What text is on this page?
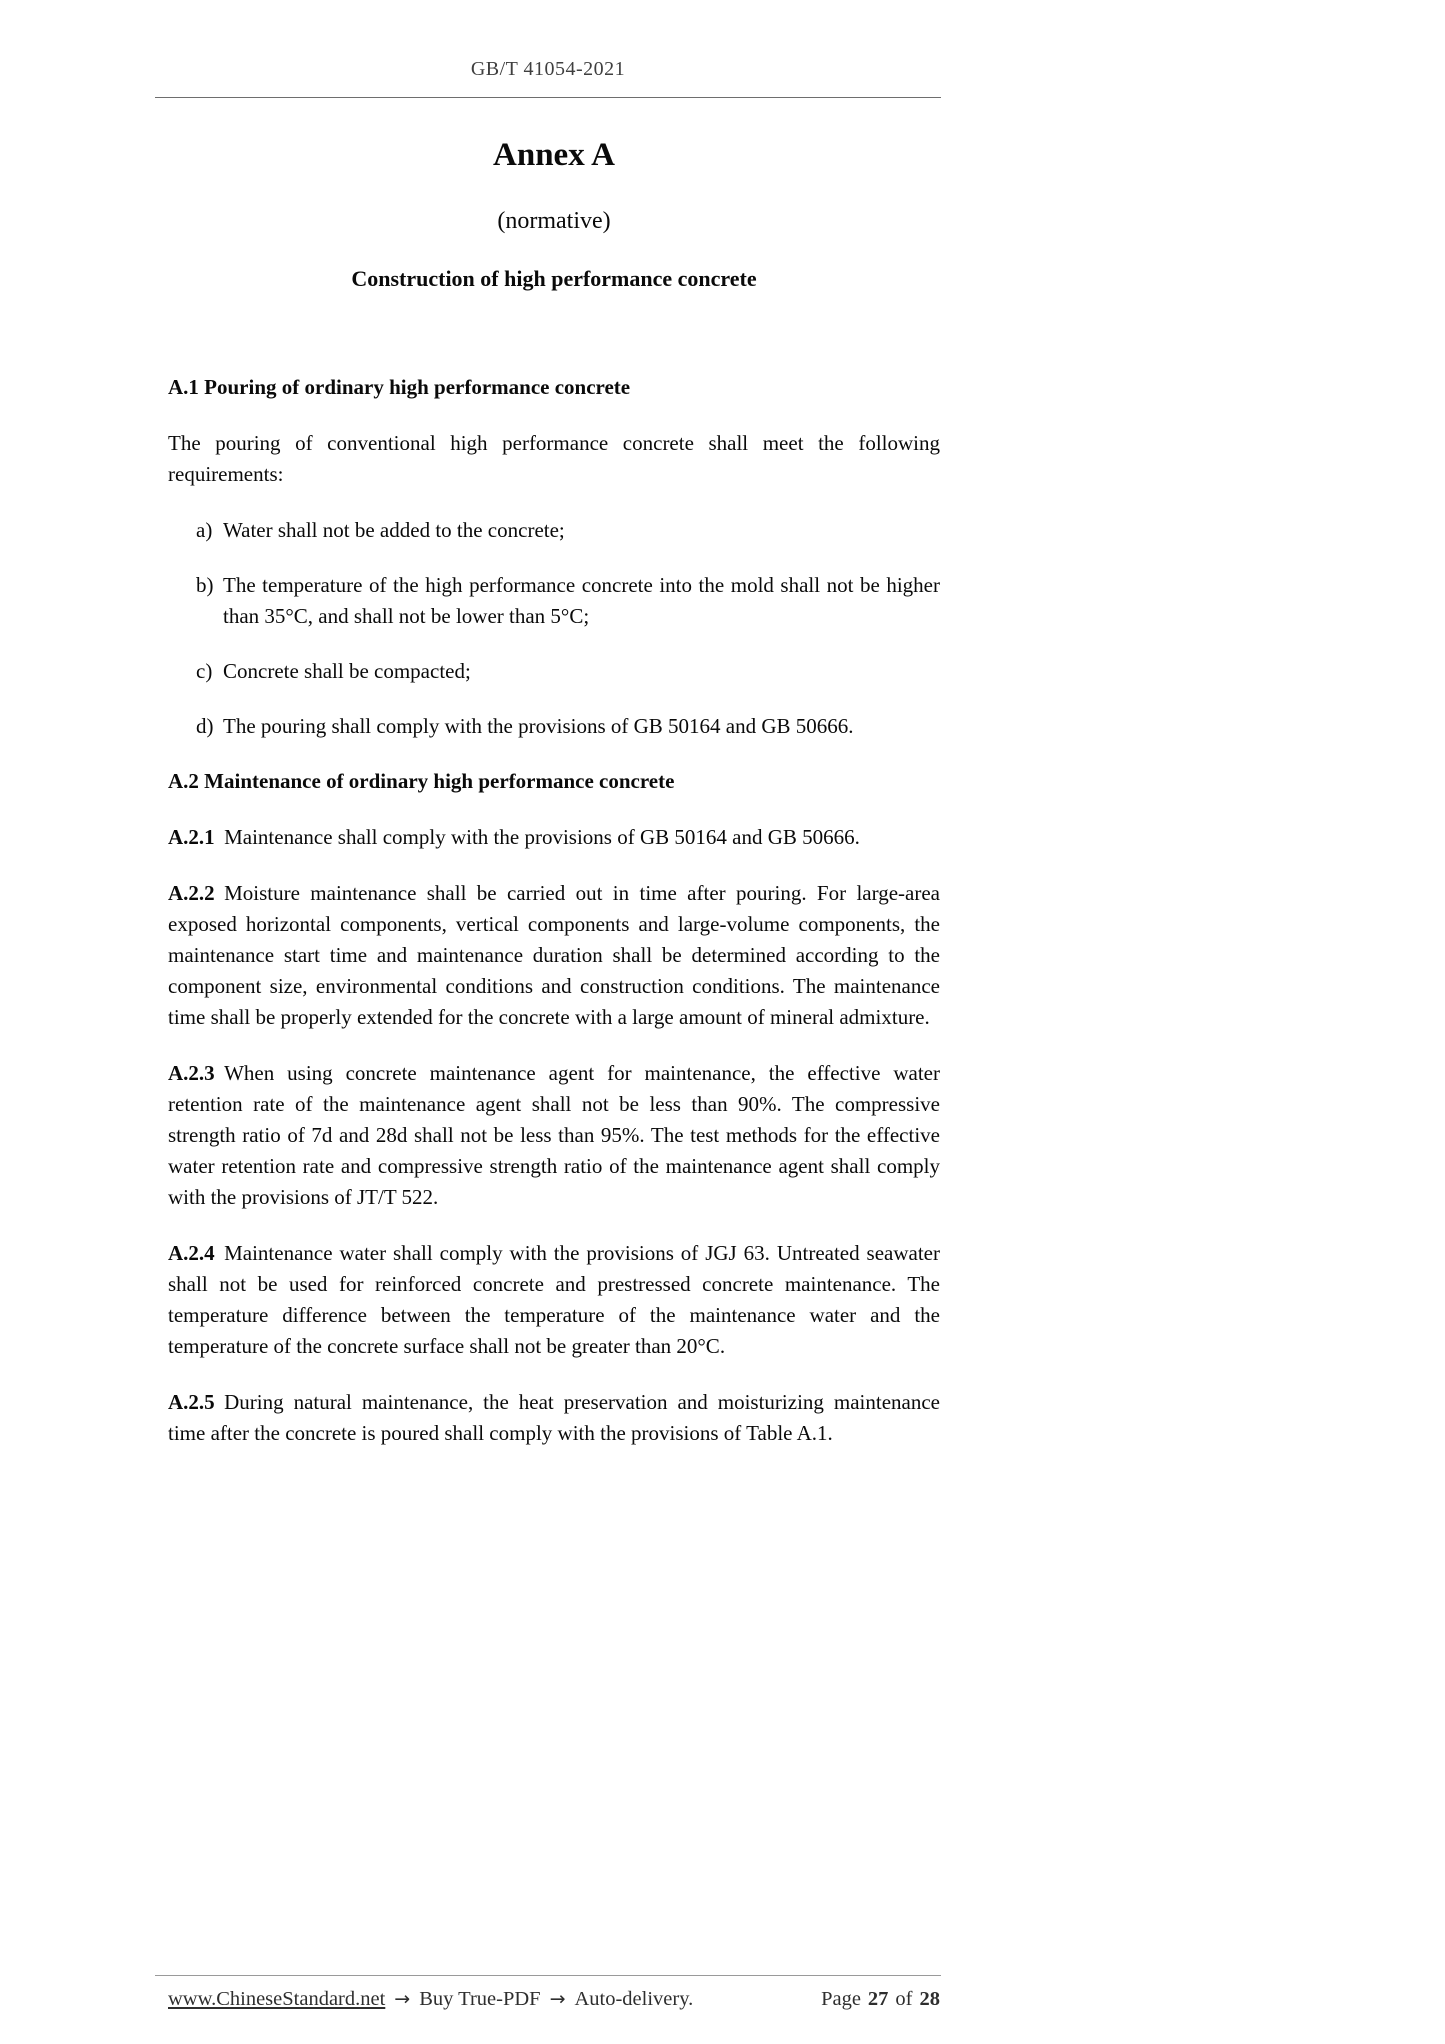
GB/T 41054-2021
Annex A
(normative)
Construction of high performance concrete
A.1 Pouring of ordinary high performance concrete

The pouring of conventional high performance concrete shall meet the following requirements:

a) Water shall not be added to the concrete;
b) The temperature of the high performance concrete into the mold shall not be higher than 35°C, and shall not be lower than 5°C;
c) Concrete shall be compacted;
d) The pouring shall comply with the provisions of GB 50164 and GB 50666.
A.2 Maintenance of ordinary high performance concrete

A.2.1 Maintenance shall comply with the provisions of GB 50164 and GB 50666.

A.2.2 Moisture maintenance shall be carried out in time after pouring. For large-area exposed horizontal components, vertical components and large-volume components, the maintenance start time and maintenance duration shall be determined according to the component size, environmental conditions and construction conditions. The maintenance time shall be properly extended for the concrete with a large amount of mineral admixture.

A.2.3 When using concrete maintenance agent for maintenance, the effective water retention rate of the maintenance agent shall not be less than 90%. The compressive strength ratio of 7d and 28d shall not be less than 95%. The test methods for the effective water retention rate and compressive strength ratio of the maintenance agent shall comply with the provisions of JT/T 522.

A.2.4 Maintenance water shall comply with the provisions of JGJ 63. Untreated seawater shall not be used for reinforced concrete and prestressed concrete maintenance. The temperature difference between the temperature of the maintenance water and the temperature of the concrete surface shall not be greater than 20°C.

A.2.5 During natural maintenance, the heat preservation and moisturizing maintenance time after the concrete is poured shall comply with the provisions of Table A.1.

www.ChineseStandard.net → Buy True-PDF → Auto-delivery.	Page 27 of 28
